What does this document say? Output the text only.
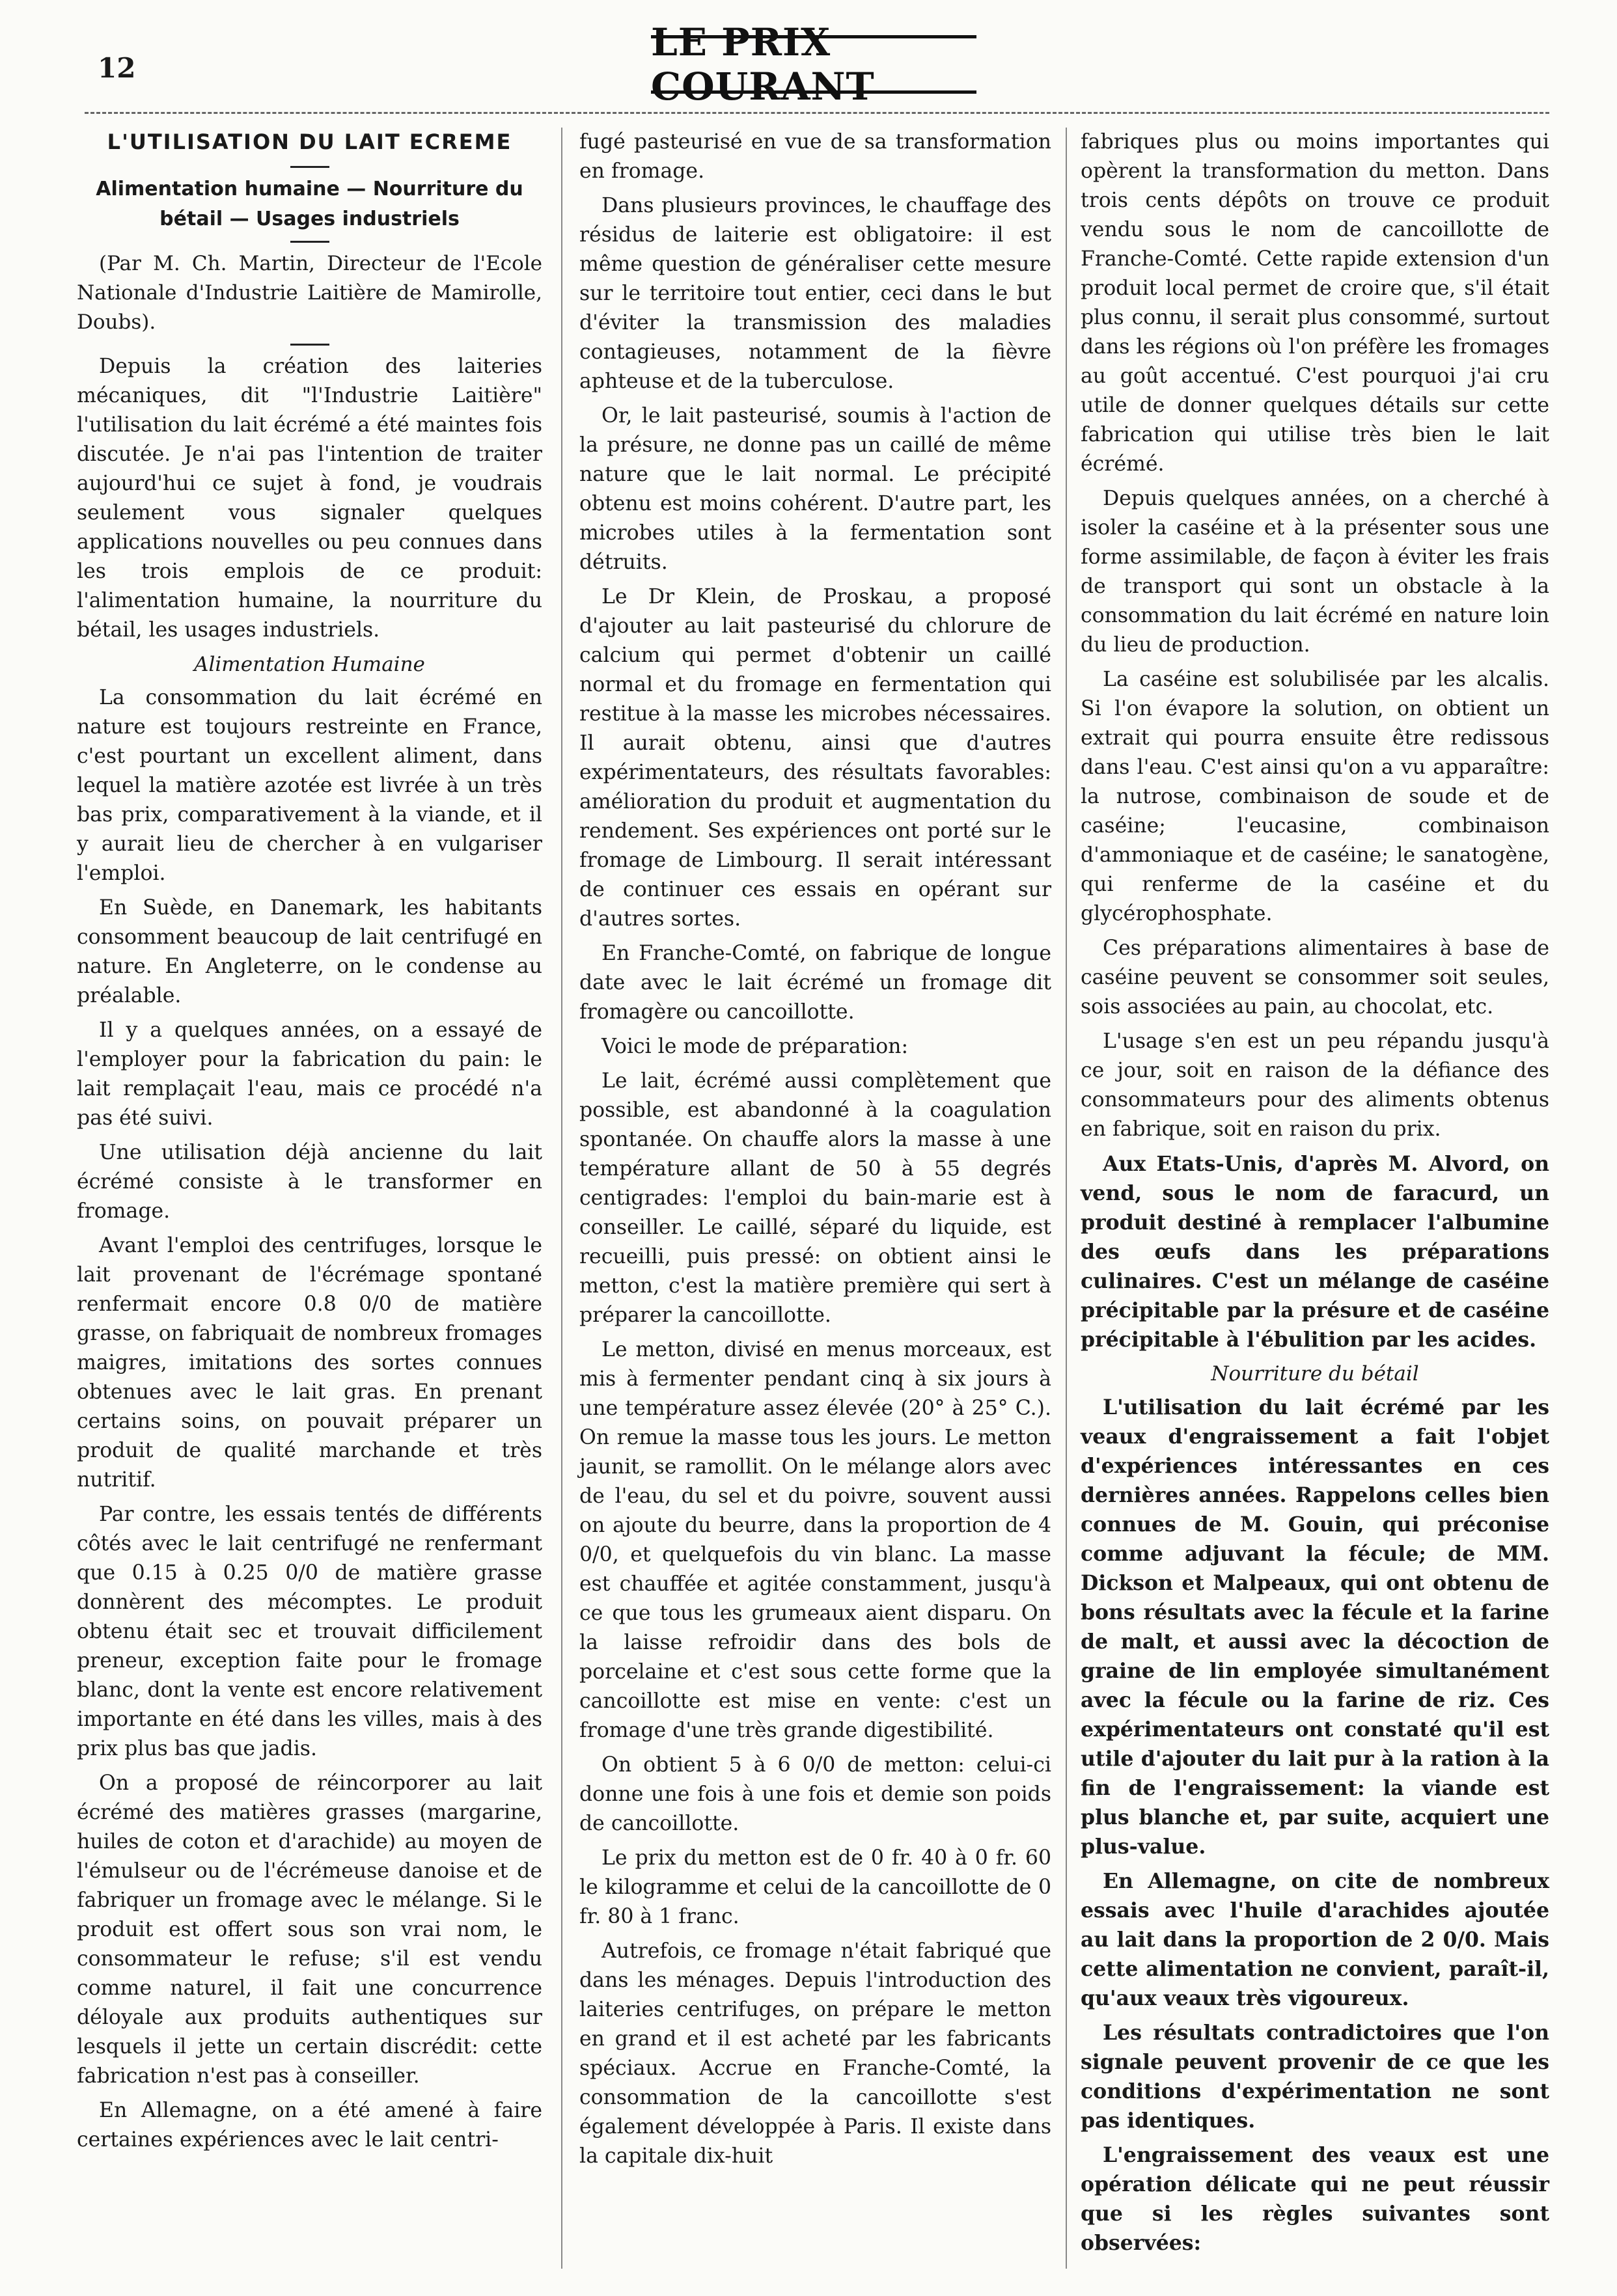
12
LE PRIX COURANT
L'UTILISATION DU LAIT ECREME
Alimentation humaine — Nourriture du bétail — Usages industriels

(Par M. Ch. Martin, Directeur de l'Ecole Nationale d'Industrie Laitière de Mamirolle, Doubs).

Depuis la création des laiteries mécaniques, dit "l'Industrie Laitière" l'utilisation du lait écrémé a été maintes fois discutée. Je n'ai pas l'intention de traiter aujourd'hui ce sujet à fond, je voudrais seulement vous signaler quelques applications nouvelles ou peu connues dans les trois emplois de ce produit: l'alimentation humaine, la nourriture du bétail, les usages industriels.

Alimentation Humaine

La consommation du lait écrémé en nature est toujours restreinte en France, c'est pourtant un excellent aliment, dans lequel la matière azotée est livrée à un très bas prix, comparativement à la viande, et il y aurait lieu de chercher à en vulgariser l'emploi.

En Suède, en Danemark, les habitants consomment beaucoup de lait centrifugé en nature. En Angleterre, on le condense au préalable.

Il y a quelques années, on a essayé de l'employer pour la fabrication du pain: le lait remplaçait l'eau, mais ce procédé n'a pas été suivi.

Une utilisation déjà ancienne du lait écrémé consiste à le transformer en fromage.

Avant l'emploi des centrifuges, lorsque le lait provenant de l'écrémage spontané renfermait encore 0.8 0/0 de matière grasse, on fabriquait de nombreux fromages maigres, imitations des sortes connues obtenues avec le lait gras. En prenant certains soins, on pouvait préparer un produit de qualité marchande et très nutritif.

Par contre, les essais tentés de différents côtés avec le lait centrifugé ne renfermant que 0.15 à 0.25 0/0 de matière grasse donnèrent des mécomptes. Le produit obtenu était sec et trouvait difficilement preneur, exception faite pour le fromage blanc, dont la vente est encore relativement importante en été dans les villes, mais à des prix plus bas que jadis.

On a proposé de réincorporer au lait écrémé des matières grasses (margarine, huiles de coton et d'arachide) au moyen de l'émulseur ou de l'écrémeuse danoise et de fabriquer un fromage avec le mélange. Si le produit est offert sous son vrai nom, le consommateur le refuse; s'il est vendu comme naturel, il fait une concurrence déloyale aux produits authentiques sur lesquels il jette un certain discrédit: cette fabrication n'est pas à conseiller.

En Allemagne, on a été amené à faire certaines expériences avec le lait centri-

fugé pasteurisé en vue de sa transformation en fromage.

Dans plusieurs provinces, le chauffage des résidus de laiterie est obligatoire: il est même question de généraliser cette mesure sur le territoire tout entier, ceci dans le but d'éviter la transmission des maladies contagieuses, notamment de la fièvre aphteuse et de la tuberculose.

Or, le lait pasteurisé, soumis à l'action de la présure, ne donne pas un caillé de même nature que le lait normal. Le précipité obtenu est moins cohérent. D'autre part, les microbes utiles à la fermentation sont détruits.

Le Dr Klein, de Proskau, a proposé d'ajouter au lait pasteurisé du chlorure de calcium qui permet d'obtenir un caillé normal et du fromage en fermentation qui restitue à la masse les microbes nécessaires. Il aurait obtenu, ainsi que d'autres expérimentateurs, des résultats favorables: amélioration du produit et augmentation du rendement. Ses expériences ont porté sur le fromage de Limbourg. Il serait intéressant de continuer ces essais en opérant sur d'autres sortes.

En Franche-Comté, on fabrique de longue date avec le lait écrémé un fromage dit fromagère ou cancoillotte.

Voici le mode de préparation:

Le lait, écrémé aussi complètement que possible, est abandonné à la coagulation spontanée. On chauffe alors la masse à une température allant de 50 à 55 degrés centigrades: l'emploi du bain-marie est à conseiller. Le caillé, séparé du liquide, est recueilli, puis pressé: on obtient ainsi le metton, c'est la matière première qui sert à préparer la cancoillotte.

Le metton, divisé en menus morceaux, est mis à fermenter pendant cinq à six jours à une température assez élevée (20° à 25° C.). On remue la masse tous les jours. Le metton jaunit, se ramollit. On le mélange alors avec de l'eau, du sel et du poivre, souvent aussi on ajoute du beurre, dans la proportion de 4 0/0, et quelquefois du vin blanc. La masse est chauffée et agitée constamment, jusqu'à ce que tous les grumeaux aient disparu. On la laisse refroidir dans des bols de porcelaine et c'est sous cette forme que la cancoillotte est mise en vente: c'est un fromage d'une très grande digestibilité.

On obtient 5 à 6 0/0 de metton: celui-ci donne une fois à une fois et demie son poids de cancoillotte.

Le prix du metton est de 0 fr. 40 à 0 fr. 60 le kilogramme et celui de la cancoillotte de 0 fr. 80 à 1 franc.

Autrefois, ce fromage n'était fabriqué que dans les ménages. Depuis l'introduction des laiteries centrifuges, on prépare le metton en grand et il est acheté par les fabricants spéciaux. Accrue en Franche-Comté, la consommation de la cancoillotte s'est également développée à Paris. Il existe dans la capitale dix-huit

fabriques plus ou moins importantes qui opèrent la transformation du metton. Dans trois cents dépôts on trouve ce produit vendu sous le nom de cancoillotte de Franche-Comté. Cette rapide extension d'un produit local permet de croire que, s'il était plus connu, il serait plus consommé, surtout dans les régions où l'on préfère les fromages au goût accentué. C'est pourquoi j'ai cru utile de donner quelques détails sur cette fabrication qui utilise très bien le lait écrémé.

Depuis quelques années, on a cherché à isoler la caséine et à la présenter sous une forme assimilable, de façon à éviter les frais de transport qui sont un obstacle à la consommation du lait écrémé en nature loin du lieu de production.

La caséine est solubilisée par les alcalis. Si l'on évapore la solution, on obtient un extrait qui pourra ensuite être redissous dans l'eau. C'est ainsi qu'on a vu apparaître: la nutrose, combinaison de soude et de caséine; l'eucasine, combinaison d'ammoniaque et de caséine; le sanatogène, qui renferme de la caséine et du glycérophosphate.

Ces préparations alimentaires à base de caséine peuvent se consommer soit seules, sois associées au pain, au chocolat, etc.

L'usage s'en est un peu répandu jusqu'à ce jour, soit en raison de la défiance des consommateurs pour des aliments obtenus en fabrique, soit en raison du prix.

Aux Etats-Unis, d'après M. Alvord, on vend, sous le nom de faracurd, un produit destiné à remplacer l'albumine des œufs dans les préparations culinaires. C'est un mélange de caséine précipitable par la présure et de caséine précipitable à l'ébulition par les acides.

Nourriture du bétail

L'utilisation du lait écrémé par les veaux d'engraissement a fait l'objet d'expériences intéressantes en ces dernières années. Rappelons celles bien connues de M. Gouin, qui préconise comme adjuvant la fécule; de MM. Dickson et Malpeaux, qui ont obtenu de bons résultats avec la fécule et la farine de malt, et aussi avec la décoction de graine de lin employée simultanément avec la fécule ou la farine de riz. Ces expérimentateurs ont constaté qu'il est utile d'ajouter du lait pur à la ration à la fin de l'engraissement: la viande est plus blanche et, par suite, acquiert une plus-value.

En Allemagne, on cite de nombreux essais avec l'huile d'arachides ajoutée au lait dans la proportion de 2 0/0. Mais cette alimentation ne convient, paraît-il, qu'aux veaux très vigoureux.

Les résultats contradictoires que l'on signale peuvent provenir de ce que les conditions d'expérimentation ne sont pas identiques.

L'engraissement des veaux est une opération délicate qui ne peut réussir que si les règles suivantes sont observées:
